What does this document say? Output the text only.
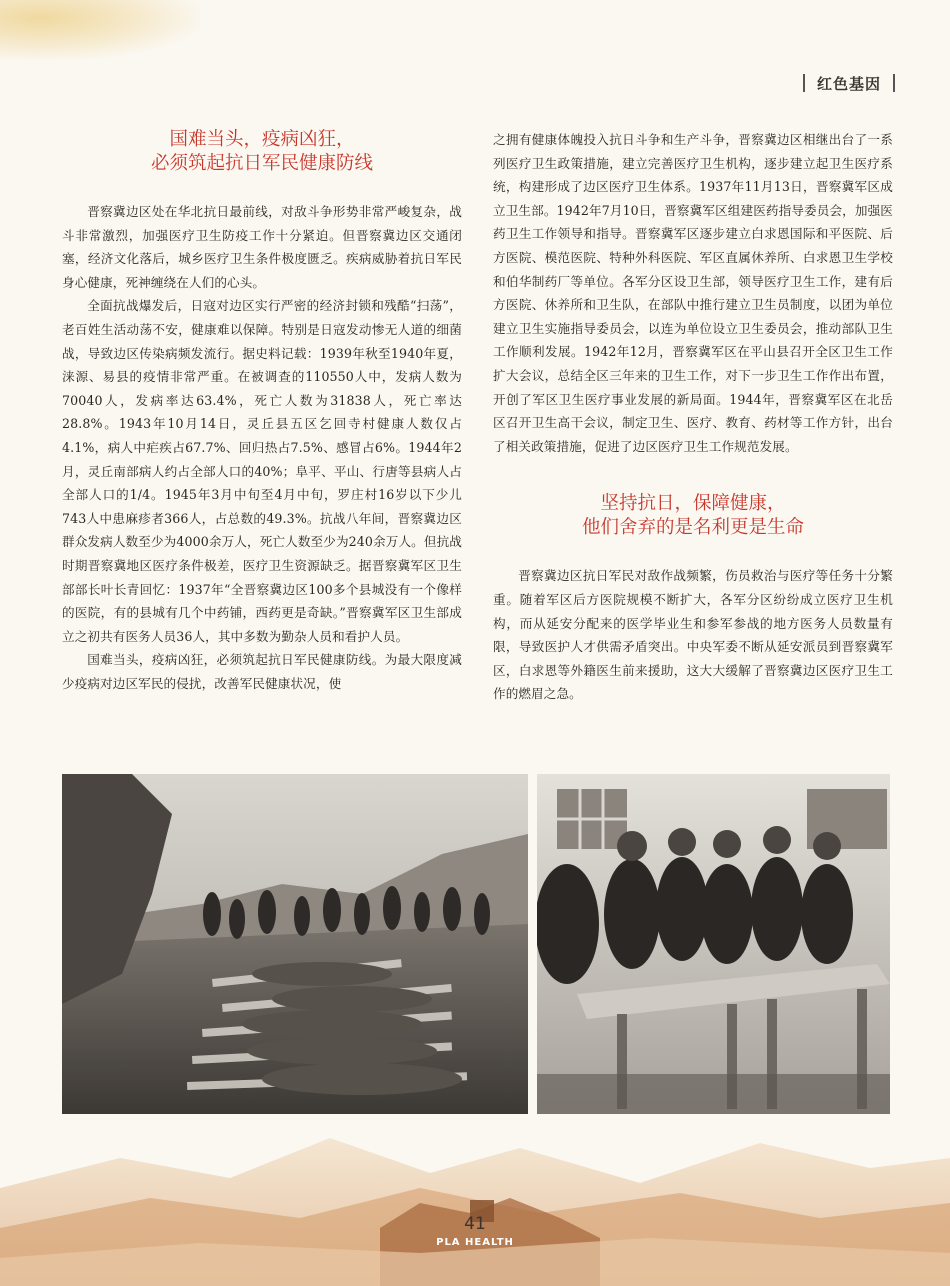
红色基因
国难当头，疫病凶狂，
必须筑起抗日军民健康防线

晋察冀边区处在华北抗日最前线，对敌斗争形势非常严峻复杂，战斗非常激烈，加强医疗卫生防疫工作十分紧迫。但晋察冀边区交通闭塞，经济文化落后，城乡医疗卫生条件极度匮乏。疾病威胁着抗日军民身心健康，死神缠绕在人们的心头。

全面抗战爆发后，日寇对边区实行严密的经济封锁和残酷“扫荡”，老百姓生活动荡不安，健康难以保障。特别是日寇发动惨无人道的细菌战，导致边区传染病频发流行。据史料记载：1939年秋至1940年夏，涞源、易县的疫情非常严重。在被调查的110550人中，发病人数为70040人，发病率达63.4%，死亡人数为31838人，死亡率达28.8%。1943年10月14日，灵丘县五区乞回寺村健康人数仅占4.1%，病人中疟疾占67.7%、回归热占7.5%、感冒占6%。1944年2月，灵丘南部病人约占全部人口的40%；阜平、平山、行唐等县病人占全部人口的1/4。1945年3月中旬至4月中旬，罗庄村16岁以下少儿743人中患麻疹者366人，占总数的49.3%。抗战八年间，晋察冀边区群众发病人数至少为4000余万人，死亡人数至少为240余万人。但抗战时期晋察冀地区医疗条件极差，医疗卫生资源缺乏。据晋察冀军区卫生部部长叶长青回忆：1937年“全晋察冀边区100多个县城没有一个像样的医院，有的县城有几个中药铺，西药更是奇缺。”晋察冀军区卫生部成立之初共有医务人员36人，其中多数为勤杂人员和看护人员。

国难当头，疫病凶狂，必须筑起抗日军民健康防线。为最大限度减少疫病对边区军民的侵扰，改善军民健康状况，使

之拥有健康体魄投入抗日斗争和生产斗争，晋察冀边区相继出台了一系列医疗卫生政策措施，建立完善医疗卫生机构，逐步建立起卫生医疗系统，构建形成了边区医疗卫生体系。1937年11月13日，晋察冀军区成立卫生部。1942年7月10日，晋察冀军区组建医药指导委员会，加强医药卫生工作领导和指导。晋察冀军区逐步建立白求恩国际和平医院、后方医院、模范医院、特种外科医院、军区直属休养所、白求恩卫生学校和伯华制药厂等单位。各军分区设卫生部，领导医疗卫生工作，建有后方医院、休养所和卫生队，在部队中推行建立卫生员制度，以团为单位建立卫生实施指导委员会，以连为单位设立卫生委员会，推动部队卫生工作顺利发展。1942年12月，晋察冀军区在平山县召开全区卫生工作扩大会议，总结全区三年来的卫生工作，对下一步卫生工作作出布置，开创了军区卫生医疗事业发展的新局面。1944年，晋察冀军区在北岳区召开卫生高干会议，制定卫生、医疗、教育、药材等工作方针，出台了相关政策措施，促进了边区医疗卫生工作规范发展。

坚持抗日，保障健康，
他们舍弃的是名利更是生命

晋察冀边区抗日军民对敌作战频繁，伤员救治与医疗等任务十分繁重。随着军区后方医院规模不断扩大，各军分区纷纷成立医疗卫生机构，而从延安分配来的医学毕业生和参军参战的地方医务人员数量有限，导致医护人才供需矛盾突出。中央军委不断从延安派员到晋察冀军区，白求恩等外籍医生前来援助，这大大缓解了晋察冀边区医疗卫生工作的燃眉之急。

41
PLA HEALTH
